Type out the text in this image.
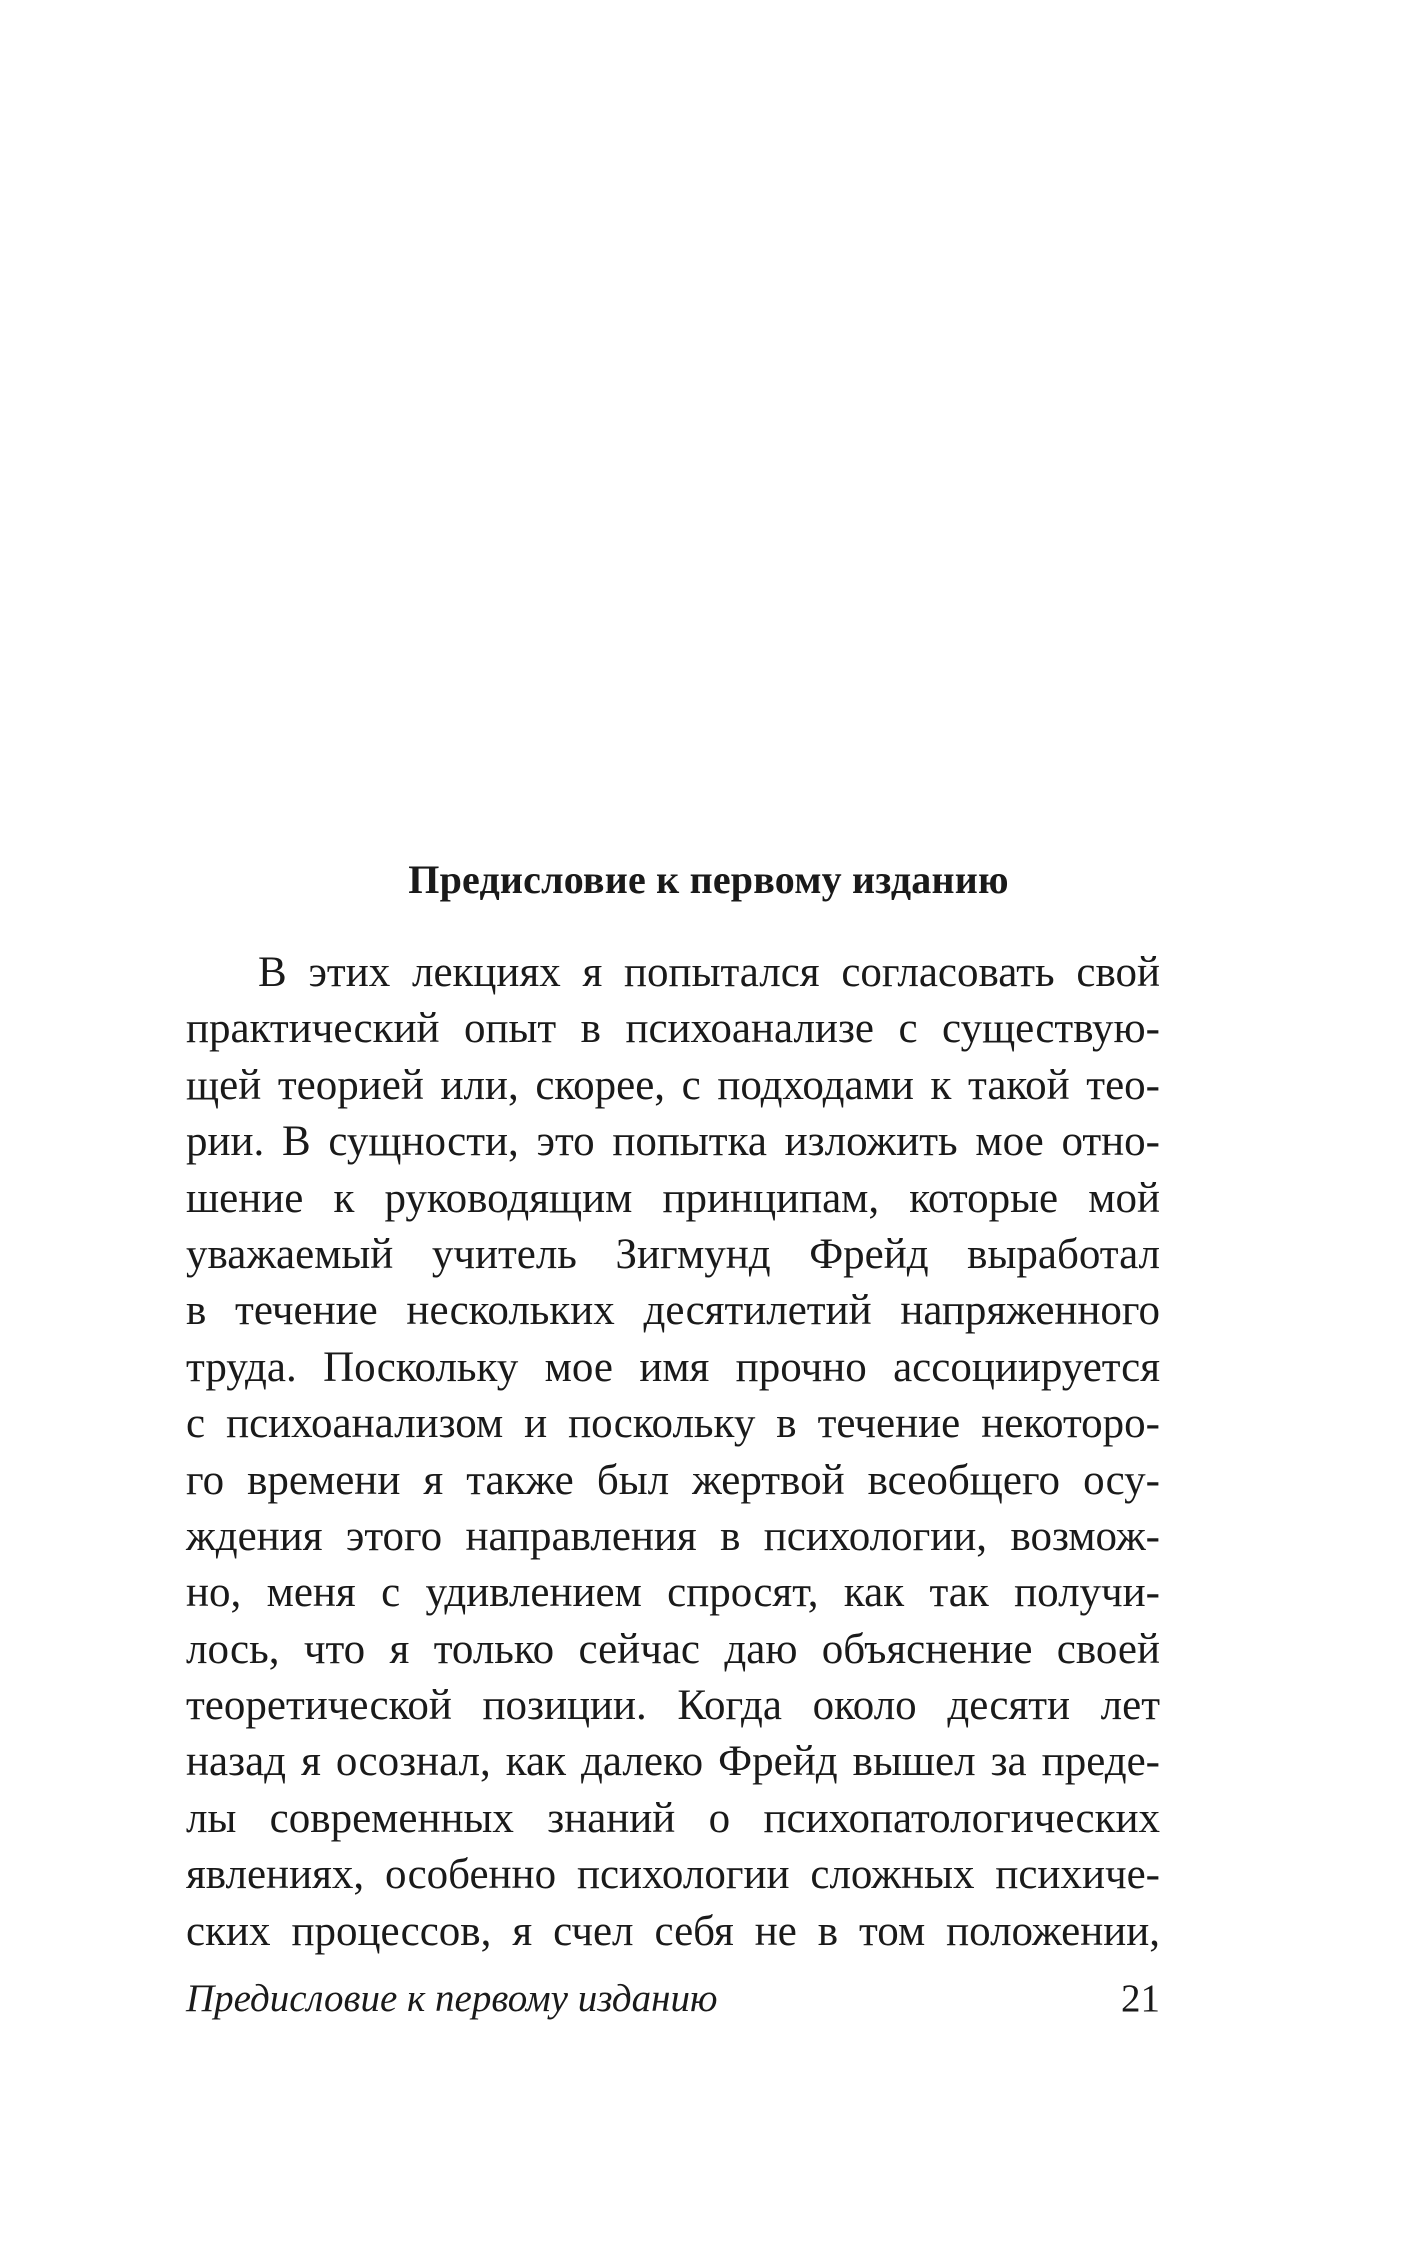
Предисловие к первому изданию
В этих лекциях я попытался согласовать свой
практический опыт в психоанализе с существую-
щей теорией или, скорее, с подходами к такой тео-
рии. В сущности, это попытка изложить мое отно-
шение к руководящим принципам, которые мой
уважаемый учитель Зигмунд Фрейд выработал
в течение нескольких десятилетий напряженного
труда. Поскольку мое имя прочно ассоциируется
с психоанализом и поскольку в течение некоторо-
го времени я также был жертвой всеобщего осу-
ждения этого направления в психологии, возмож-
но, меня с удивлением спросят, как так получи-
лось, что я только сейчас даю объяснение своей
теоретической позиции. Когда около десяти лет
назад я осознал, как далеко Фрейд вышел за преде-
лы современных знаний о психопатологических
явлениях, особенно психологии сложных психиче-
ских процессов, я счел себя не в том положении,
Предисловие к первому изданию	21
